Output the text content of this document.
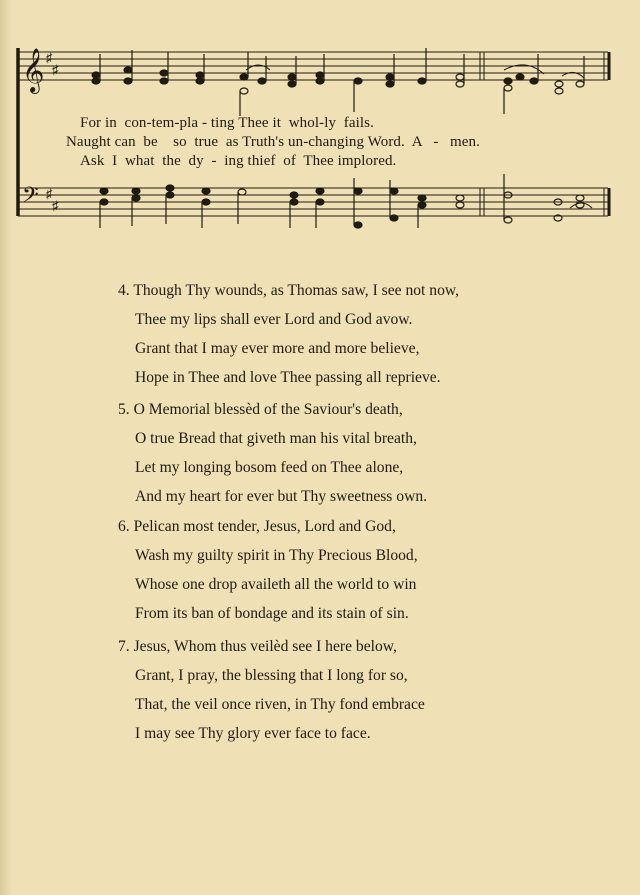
𝄞
𝄢
♯
♯
♯
♯
For in  con-tem-pla - ting Thee it  whol-ly  fails.
Naught can  be    so  true  as Truth's un-changing Word.  A   -   men.
Ask  I  what  the  dy  -  ing thief  of  Thee implored.
4. Though Thy wounds, as Thomas saw, I see not now,
Thee my lips shall ever Lord and God avow.
Grant that I may ever more and more believe,
Hope in Thee and love Thee passing all reprieve.
5. O Memorial blessèd of the Saviour's death,
O true Bread that giveth man his vital breath,
Let my longing bosom feed on Thee alone,
And my heart for ever but Thy sweetness own.
6. Pelican most tender, Jesus, Lord and God,
Wash my guilty spirit in Thy Precious Blood,
Whose one drop availeth all the world to win
From its ban of bondage and its stain of sin.
7. Jesus, Whom thus veilèd see I here below,
Grant, I pray, the blessing that I long for so,
That, the veil once riven, in Thy fond embrace
I may see Thy glory ever face to face.
